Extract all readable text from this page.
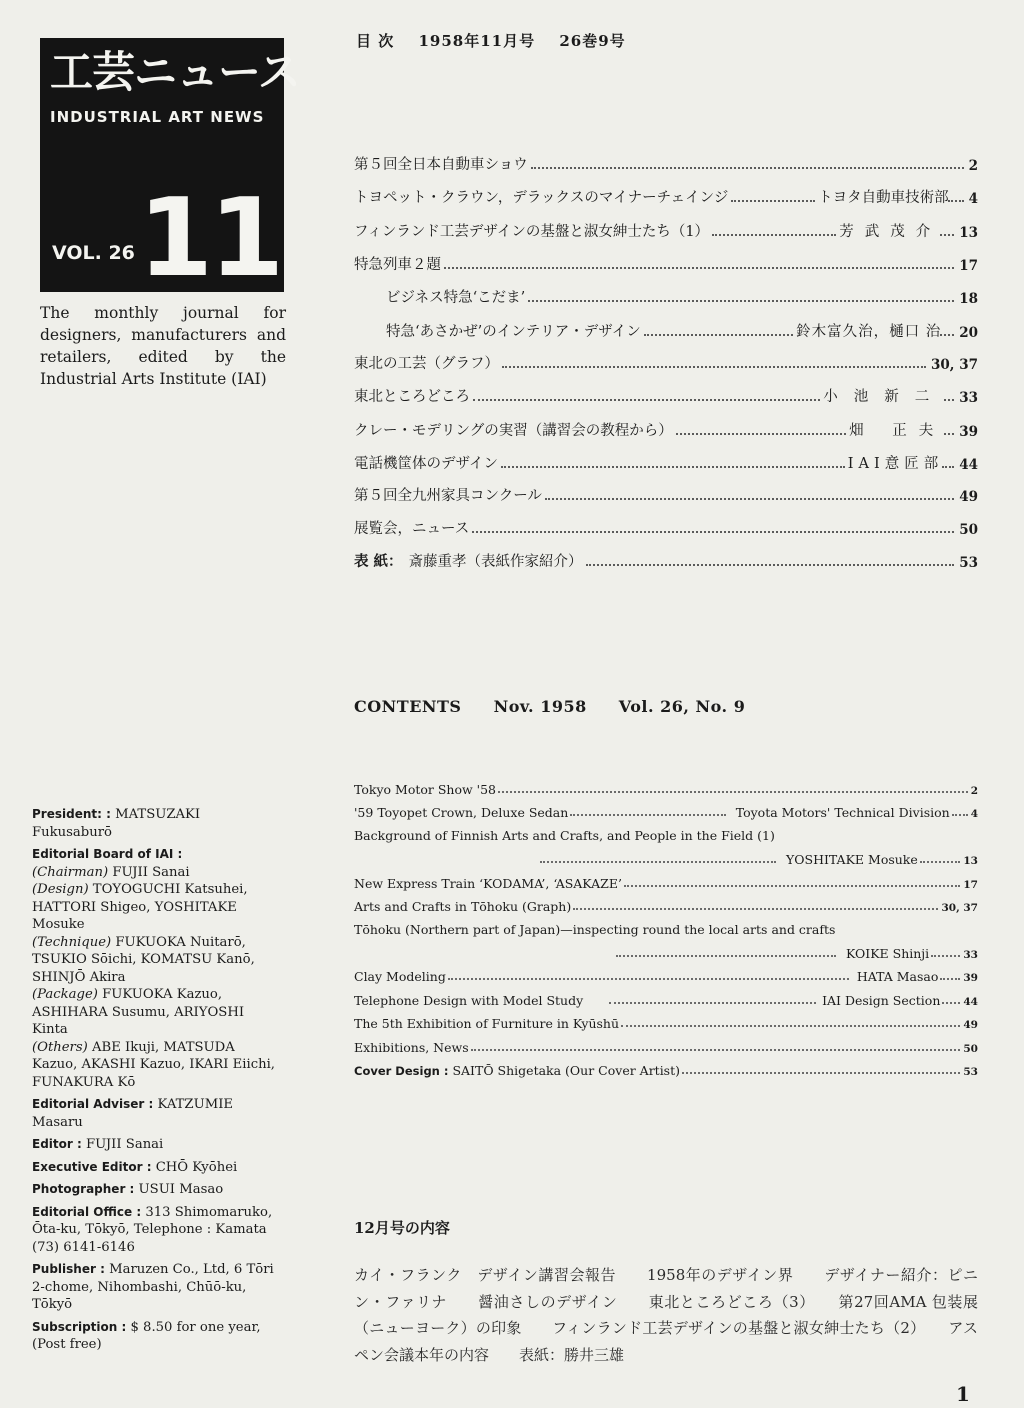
工芸ニュース
INDUSTRIAL ART NEWS
VOL. 26 11
The monthly journal for designers, manufacturers and retailers, edited by the Industrial Arts Institute (IAI)
President: : MATSUZAKI Fukusaburō
Editorial Board of IAI :
(Chairman) FUJII Sanai
(Design) TOYOGUCHI Katsuhei, HATTORI Shigeo, YOSHITAKE Mosuke
(Technique) FUKUOKA Nuitarō, TSUKIO Sōichi, KOMATSU Kanō, SHINJŌ Akira
(Package) FUKUOKA Kazuo, ASHIHARA Susumu, ARIYOSHI Kinta
(Others) ABE Ikuji, MATSUDA Kazuo, AKASHI Kazuo, IKARI Eiichi, FUNAKURA Kō
Editorial Adviser : KATZUMIE Masaru
Editor : FUJII Sanai
Executive Editor : CHŌ Kyōhei
Photographer : USUI Masao
Editorial Office : 313 Shimomaruko, Ōta-ku, Tōkyō, Telephone : Kamata (73) 6141-6146
Publisher : Maruzen Co., Ltd, 6 Tōri 2-chome, Nihombashi, Chūō-ku, Tōkyō
Subscription : $ 8.50 for one year, (Post free)
目 次 1958年11月号 26巻9号
第５回全日本自動車ショウ	2
トヨペット・クラウン，デラックスのマイナーチェインジ	トヨタ自動車技術部 4
フィンランド工芸デザインの基盤と淑女紳士たち（1）	芳武茂介 13
特急列車２題	17
ビジネス特急‘こだま’	18
特急‘あさかぜ’のインテリア・デザイン	鈴木富久治，樋口 治 20
東北の工芸（グラフ）	30, 37
東北ところどころ	小池新二 33
クレー・モデリングの実習（講習会の教程から）	畑 正夫 39
電話機筐体のデザイン	IAI意匠部 44
第５回全九州家具コンクール	49
展覧会，ニュース	50
表 紙： 斎藤重孝（表紙作家紹介）	53
CONTENTS Nov. 1958 Vol. 26, No. 9
Tokyo Motor Show '58	2
'59 Toyopet Crown, Deluxe Sedan	Toyota Motors' Technical Division 4
Background of Finnish Arts and Crafts, and People in the Field (1)
YOSHITAKE Mosuke	13
New Express Train ‘KODAMA’, ‘ASAKAZE’	17
Arts and Crafts in Tōhoku (Graph)	30, 37
Tōhoku (Northern part of Japan)—inspecting round the local arts and crafts
KOIKE Shinji	33
Clay Modeling	HATA Masao 39
Telephone Design with Model Study	IAI Design Section 44
The 5th Exhibition of Furniture in Kyūshū	49
Exhibitions, News	50
Cover Design : SAITŌ Shigetaka (Our Cover Artist)	53
12月号の内容
カイ・フランク　デザイン講習会報告　　1958年のデザイン界　　デザイナー紹介：ピニン・ファリナ　　醤油さしのデザイン　　東北ところどころ（3）　　第27回AMA 包装展（ニューヨーク）の印象　　フィンランド工芸デザインの基盤と淑女紳士たち（2）　　アスペン会議本年の内容　　表紙：勝井三雄
1
